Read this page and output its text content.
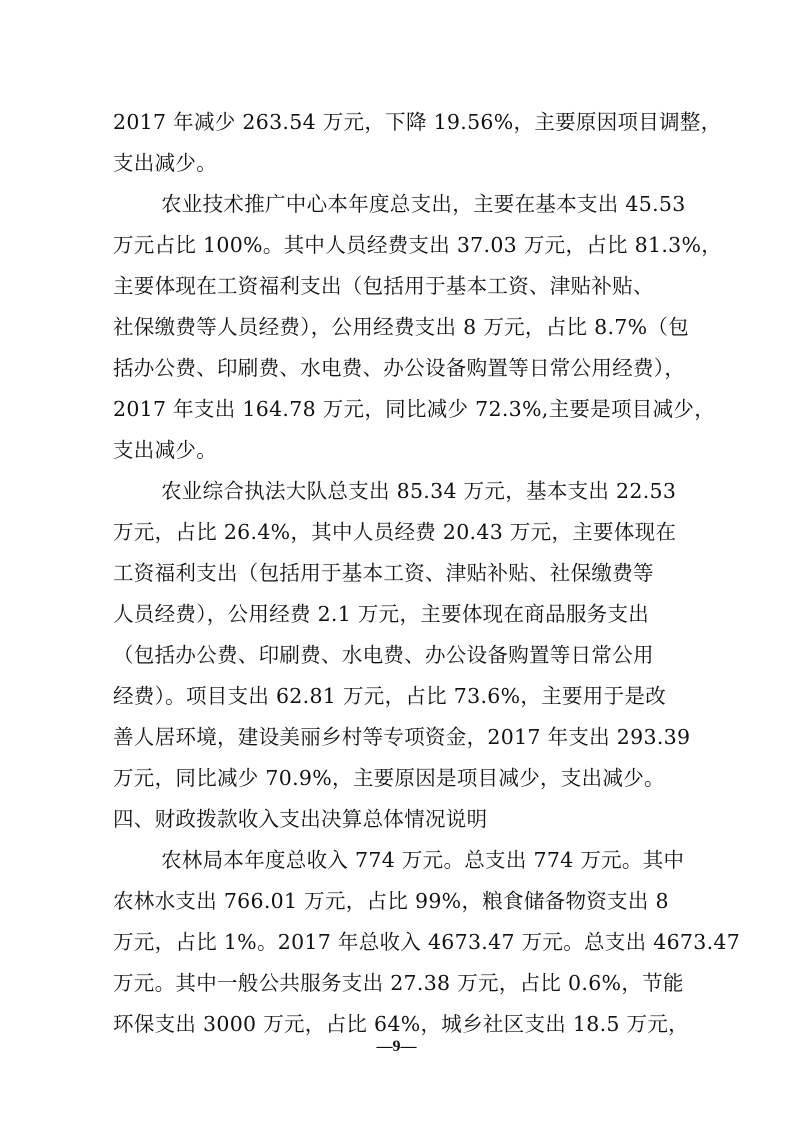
2017 年减少 263.54 万元，下降 19.56%，主要原因项目调整，
支出减少。
农业技术推广中心本年度总支出，主要在基本支出 45.53
万元占比 100%。其中人员经费支出 37.03 万元，占比 81.3%，
主要体现在工资福利支出（包括用于基本工资、津贴补贴、
社保缴费等人员经费），公用经费支出 8 万元，占比 8.7%（包
括办公费、印刷费、水电费、办公设备购置等日常公用经费），
2017 年支出 164.78 万元，同比减少 72.3%,主要是项目减少，
支出减少。
农业综合执法大队总支出 85.34 万元，基本支出 22.53
万元，占比 26.4%，其中人员经费 20.43 万元，主要体现在
工资福利支出（包括用于基本工资、津贴补贴、社保缴费等
人员经费），公用经费 2.1 万元，主要体现在商品服务支出
（包括办公费、印刷费、水电费、办公设备购置等日常公用
经费）。项目支出 62.81 万元，占比 73.6%，主要用于是改
善人居环境，建设美丽乡村等专项资金，2017 年支出 293.39
万元，同比减少 70.9%，主要原因是项目减少，支出减少。
四、财政拨款收入支出决算总体情况说明
农林局本年度总收入 774 万元。总支出 774 万元。其中
农林水支出 766.01 万元，占比 99%，粮食储备物资支出 8
万元，占比 1%。2017 年总收入 4673.47 万元。总支出 4673.47
万元。其中一般公共服务支出 27.38 万元，占比 0.6%，节能
环保支出 3000 万元，占比 64%，城乡社区支出 18.5 万元，
—9—
